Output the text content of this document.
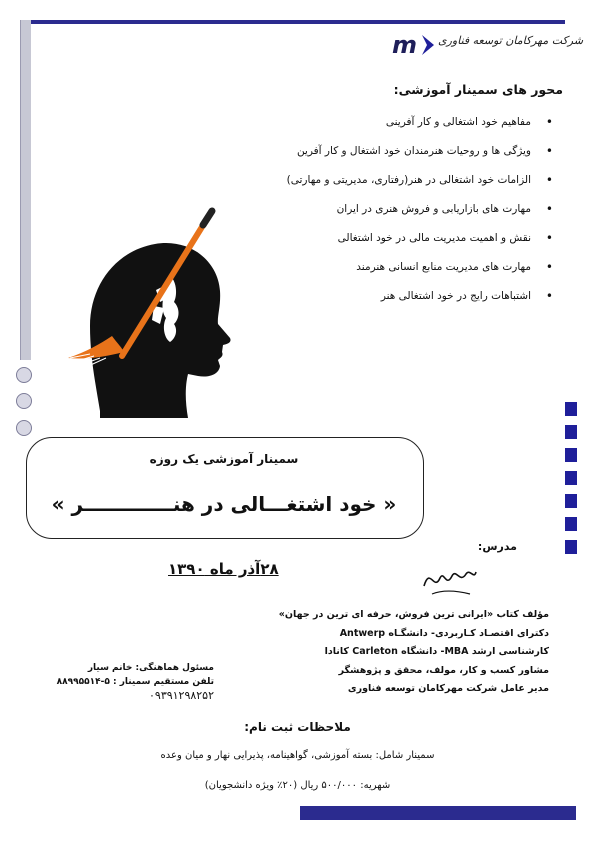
m شرکت مهرکامان توسعه فناوری
محور های سمینار آموزشی:
• مفاهیم خود اشتغالی و کار آفرینی
• ویژگی ها و روحیات هنرمندان خود اشتغال و کار آفرین
• الزامات خود اشتغالی در هنر(رفتاری، مدیریتی و مهارتی)
• مهارت های بازاریابی و فروش هنری در ایران
• نقش و اهمیت مدیریت مالی در خود اشتغالی
• مهارت های مدیریت منابع انسانی هنرمند
• اشتباهات رایج در خود اشتغالی هنر
سمینار آموزشی یک روزه
« خود اشتغـــالی در هنـــــــــــــر »
مدرس:
۲۸آذر ماه ۱۳۹۰
مؤلف کتاب «ایرانی ترین فروش، حرفه ای ترین در جهان»
دکترای اقتصـاد کـاربردی- دانشگـاه Antwerp
کارشناسی ارشد MBA- دانشگاه Carleton کانادا
مشاور کسب و کار، مولف، محقق و پژوهشگر
مدیر عامل شرکت مهرکامان توسعه فناوری
مسئول هماهنگی: خانم سیار
تلفن مستقیم سمینار : ۵-۸۸۹۹۵۵۱۴
۰۹۳۹۱۲۹۸۲۵۲
ملاحظات ثبت نام:
سمینار شامل: بسته آموزشی، گواهینامه، پذیرایی نهار و میان وعده
شهریه: ۵۰۰/۰۰۰ ریال (۲۰٪ ویژه دانشجویان)
